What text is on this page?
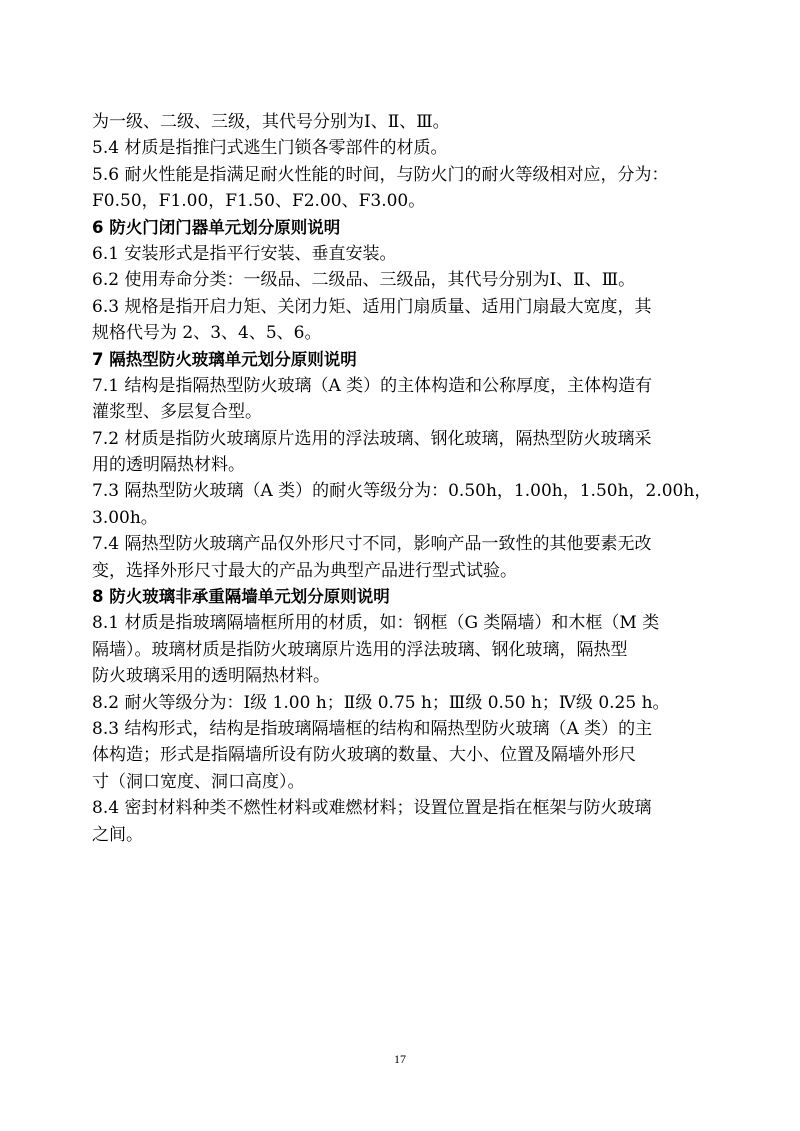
为一级、二级、三级，其代号分别为Ⅰ、Ⅱ、Ⅲ。
5.4 材质是指推闩式逃生门锁各零部件的材质。
5.6 耐火性能是指满足耐火性能的时间，与防火门的耐火等级相对应，分为：
F0.50，F1.00，F1.50、F2.00、F3.00。
6 防火门闭门器单元划分原则说明
6.1 安装形式是指平行安装、垂直安装。
6.2 使用寿命分类：一级品、二级品、三级品，其代号分别为Ⅰ、Ⅱ、Ⅲ。
6.3 规格是指开启力矩、关闭力矩、适用门扇质量、适用门扇最大宽度，其
规格代号为 2、3、4、5、6。
7 隔热型防火玻璃单元划分原则说明
7.1 结构是指隔热型防火玻璃（A 类）的主体构造和公称厚度，主体构造有
灌浆型、多层复合型。
7.2 材质是指防火玻璃原片选用的浮法玻璃、钢化玻璃，隔热型防火玻璃采
用的透明隔热材料。
7.3 隔热型防火玻璃（A 类）的耐火等级分为：0.50h，1.00h，1.50h，2.00h，
3.00h。
7.4 隔热型防火玻璃产品仅外形尺寸不同，影响产品一致性的其他要素无改
变，选择外形尺寸最大的产品为典型产品进行型式试验。
8 防火玻璃非承重隔墙单元划分原则说明
8.1 材质是指玻璃隔墙框所用的材质，如：钢框（G 类隔墙）和木框（M 类
隔墙）。玻璃材质是指防火玻璃原片选用的浮法玻璃、钢化玻璃，隔热型
防火玻璃采用的透明隔热材料。
8.2 耐火等级分为：Ⅰ级 1.00 h；Ⅱ级 0.75 h；Ⅲ级 0.50 h；Ⅳ级 0.25 h。
8.3 结构形式，结构是指玻璃隔墙框的结构和隔热型防火玻璃（A 类）的主
体构造；形式是指隔墙所设有防火玻璃的数量、大小、位置及隔墙外形尺
寸（洞口宽度、洞口高度）。
8.4 密封材料种类不燃性材料或难燃材料；设置位置是指在框架与防火玻璃
之间。
17
